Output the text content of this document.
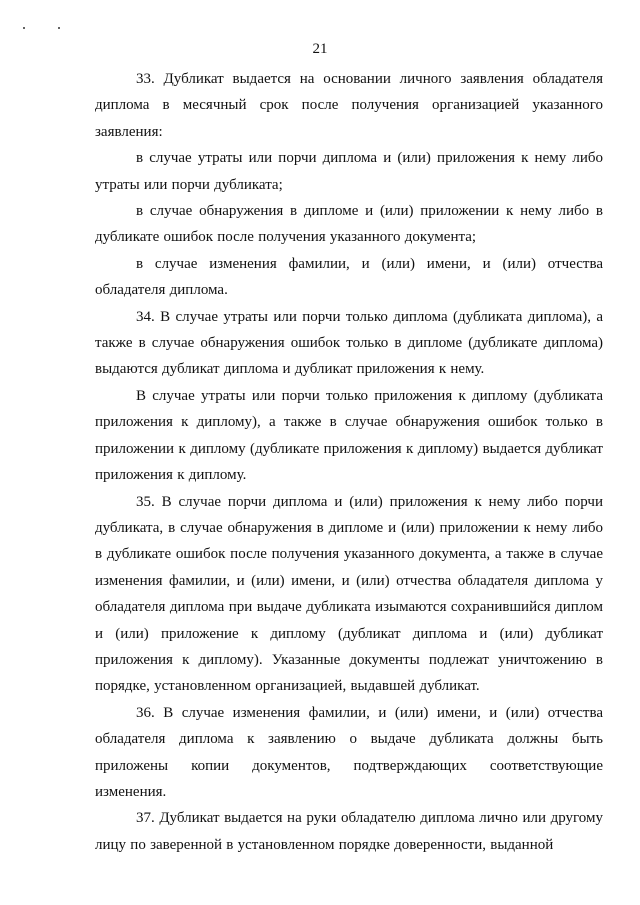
21

33. Дубликат выдается на основании личного заявления обладателя диплома в месячный срок после получения организацией указанного заявления:

в случае утраты или порчи диплома и (или) приложения к нему либо утраты или порчи дубликата;

в случае обнаружения в дипломе и (или) приложении к нему либо в дубликате ошибок после получения указанного документа;

в случае изменения фамилии, и (или) имени, и (или) отчества обладателя диплома.

34. В случае утраты или порчи только диплома (дубликата диплома), а также в случае обнаружения ошибок только в дипломе (дубликате диплома) выдаются дубликат диплома и дубликат приложения к нему.

В случае утраты или порчи только приложения к диплому (дубликата приложения к диплому), а также в случае обнаружения ошибок только в приложении к диплому (дубликате приложения к диплому) выдается дубликат приложения к диплому.

35. В случае порчи диплома и (или) приложения к нему либо порчи дубликата, в случае обнаружения в дипломе и (или) приложении к нему либо в дубликате ошибок после получения указанного документа, а также в случае изменения фамилии, и (или) имени, и (или) отчества обладателя диплома у обладателя диплома при выдаче дубликата изымаются сохранившийся диплом и (или) приложение к диплому (дубликат диплома и (или) дубликат приложения к диплому). Указанные документы подлежат уничтожению в порядке, установленном организацией, выдавшей дубликат.

36. В случае изменения фамилии, и (или) имени, и (или) отчества обладателя диплома к заявлению о выдаче дубликата должны быть приложены копии документов, подтверждающих соответствующие изменения.

37. Дубликат выдается на руки обладателю диплома лично или другому лицу по заверенной в установленном порядке доверенности, выданной
